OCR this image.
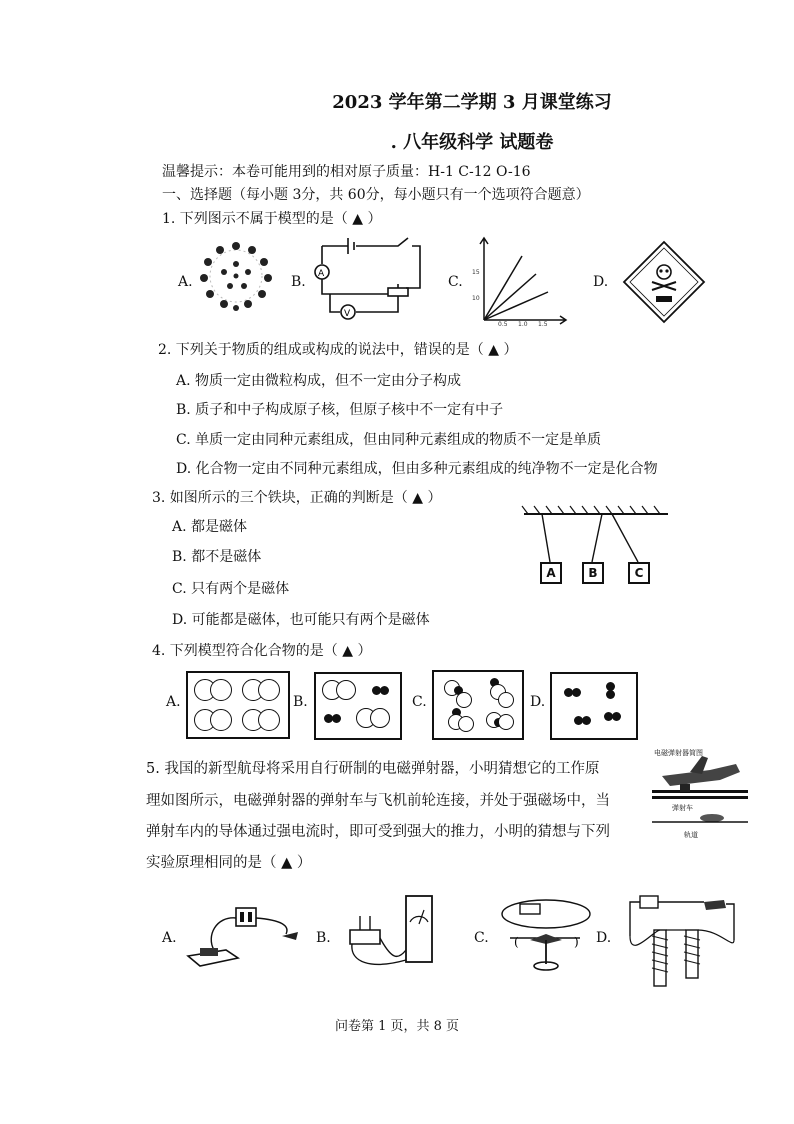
2023 学年第二学期 3 月课堂练习
. 八年级科学 试题卷
温馨提示：本卷可能用到的相对原子质量：H-1 C-12 O-16
一、选择题（每小题 3分，共 60分，每小题只有一个选项符合题意）
1. 下列图示不属于模型的是（ ▲ ）
A.	B.	C.	D.
A
V
15
10
0.5 1.0 1.5
2. 下列关于物质的组成或构成的说法中，错误的是（ ▲ ）
A. 物质一定由微粒构成，但不一定由分子构成
B. 质子和中子构成原子核，但原子核中不一定有中子
C. 单质一定由同种元素组成，但由同种元素组成的物质不一定是单质
D. 化合物一定由不同种元素组成，但由多种元素组成的纯净物不一定是化合物
3. 如图所示的三个铁块，正确的判断是（ ▲ ）
A. 都是磁体
B. 都不是磁体
C. 只有两个是磁体
D. 可能都是磁体，也可能只有两个是磁体
A	B	C
4. 下列模型符合化合物的是（ ▲ ）
A.	B.	C.	D.
5. 我国的新型航母将采用自行研制的电磁弹射器，小明猜想它的工作原
理如图所示，电磁弹射器的弹射车与飞机前轮连接，并处于强磁场中，当
弹射车内的导体通过强电流时，即可受到强大的推力，小明的猜想与下列
实验原理相同的是（ ▲ ）
电磁弹射器简图
弹射车
轨道
A.	B.	C.	D.
(	)
问卷第 1 页，共 8 页
